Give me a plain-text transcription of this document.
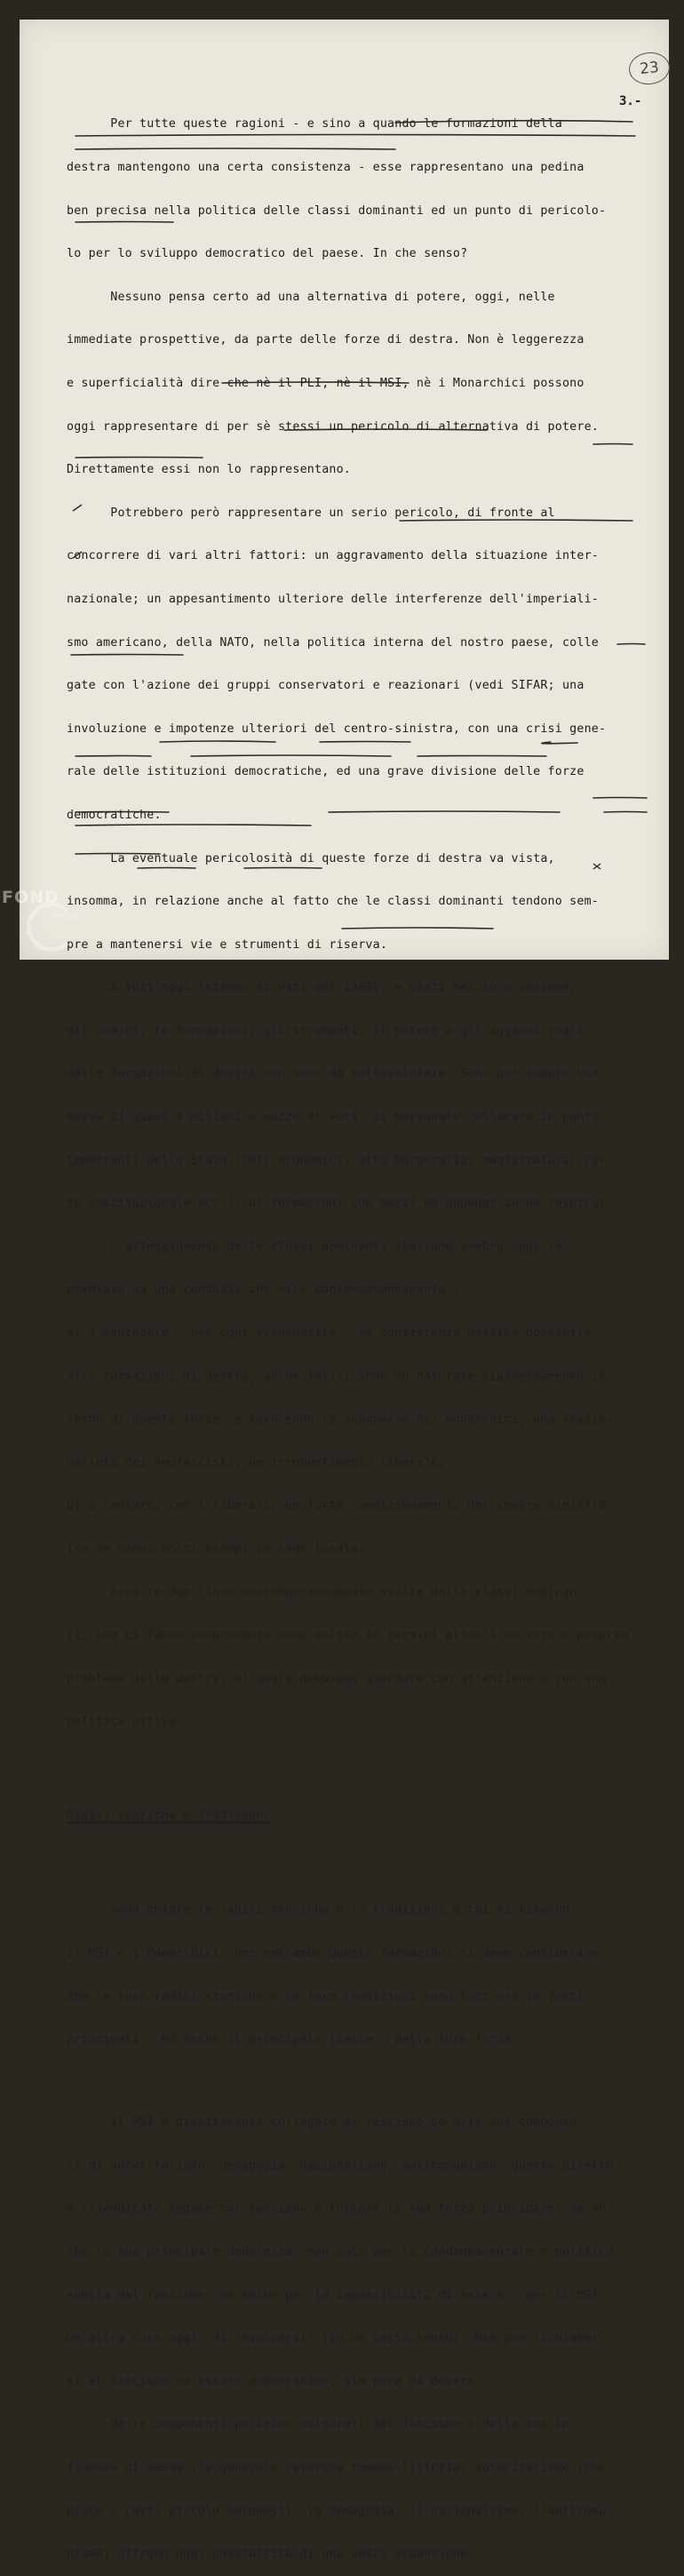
23
3.-

Per tutte queste ragioni - e sino a quando le formazioni della

destra mantengono una certa consistenza - esse rappresentano una pedina

ben precisa nella politica delle classi dominanti ed un punto di pericolo-

lo per lo sviluppo democratico del paese. In che senso?

Nessuno pensa certo ad una alternativa di potere, oggi, nelle

immediate prospettive, da parte delle forze di destra. Non è leggerezza

e superficialità dire che nè il PLI, nè il MSI, nè i Monarchici possono

oggi rappresentare di per sè stessi un pericolo di alternativa di potere.

Direttamente essi non lo rappresentano.

Potrebbero però rappresentare un serio pericolo, di fronte al

concorrere di vari altri fattori: un aggravamento della situazione inter-

nazionale; un appesantimento ulteriore delle interferenze dell'imperiali-

smo americano, della NATO, nella politica interna del nostro paese, colle

gate con l'azione dei gruppi conservatori e reazionari (vedi SIFAR; una

involuzione e impotenze ulteriori del centro-sinistra, con una crisi gene-

rale delle istituzioni democratiche, ed una grave divisione delle forze

democratiche.

La eventuale pericolosità di queste forze di destra va vista,

insomma, in relazione anche al fatto che le classi dominanti tendono sem-

pre a mantenersi vie e strumenti di riserva.

A tutt'oggi (stando ai dati del 1963), e visti nel loro insieme,

gli uomini, le formazioni, gli strumenti, il potere e gli agganci reali

delle formazioni di destra non sono da sottovalutare. Sono pur sempre una

massa di quasi 4 milioni e mezzo di voti; di personale collocato in punti

importanti dello Stato (ceti economici; alta burocrazia; magistratura; cor-

te costituzionale ecc.); di formazioni con mezzi ed appoggi anche cospicui.

L'atteggiamento delle classi dominanti italiane sembra oggi im-

prontato ad una condotta che mira contemporaneamente :

a) a mantenere - per ogni eventualità - la consistenza massima possibile

alle formazioni di destra, anche facilitando un naturale riassestamento in-

terno di queste forze, e favorendo la scomparsa dei monarchici, una stazio-

narietà dei neofascisti, un irrobustimento liberale;

b) a tentare, con i liberali, un forte condizionamento del centro-sinistra

(se ne hanno molti esempi in sede locale).

Ecco le due linee contemporaneamente svolte dalle classi dominan-

ti, che ci fanno comprendere come esiste in termini attuali un vero e proprio

problema della destra, al quale dobbiamo guardare con attenzione e con una

politica attiva.

Radici storiche e tradizioni

Sono chiare le radici storiche e le tradizioni a cui si rifanno

il MSI e i Monarchici. Per entrambe queste formazioni si deve considerare

che le loro radici storiche e le loro tradizioni sono tutt'ora le fonti

principali - ed anche il principale limite - della loro forza.

Il MSI è direttamente collegato al fascismo ed alle sue componen-

ti di autoritarismo, demagogia, nazionalismo, anticomunismo. Questo diretto

e rivendicato legame col fascismo è tuttora la sua forza principale: ma an-

che la sua principale debolezza, non solo per la condanna morale e politica

subita dal fascismo, ma anche per la impossibilità di essere - per il MSI -

un'altra cosa oggi; di "evolversi" (in un certo senso). Non può richiamar-

si al fascismo ed essere democratico, sia pure di destra.

Nè le componenti politico-culturali del fascismo e della sua in-

fluenza di massa (la generale retorica romano-littoria, autoritarismo (che

piace a certi piccolo-borghesi), la demagogia, il nazionalismo, l'anticomu-

nismo) offrono oggi possibilità di una vasta espansione.

FOND
onlus
